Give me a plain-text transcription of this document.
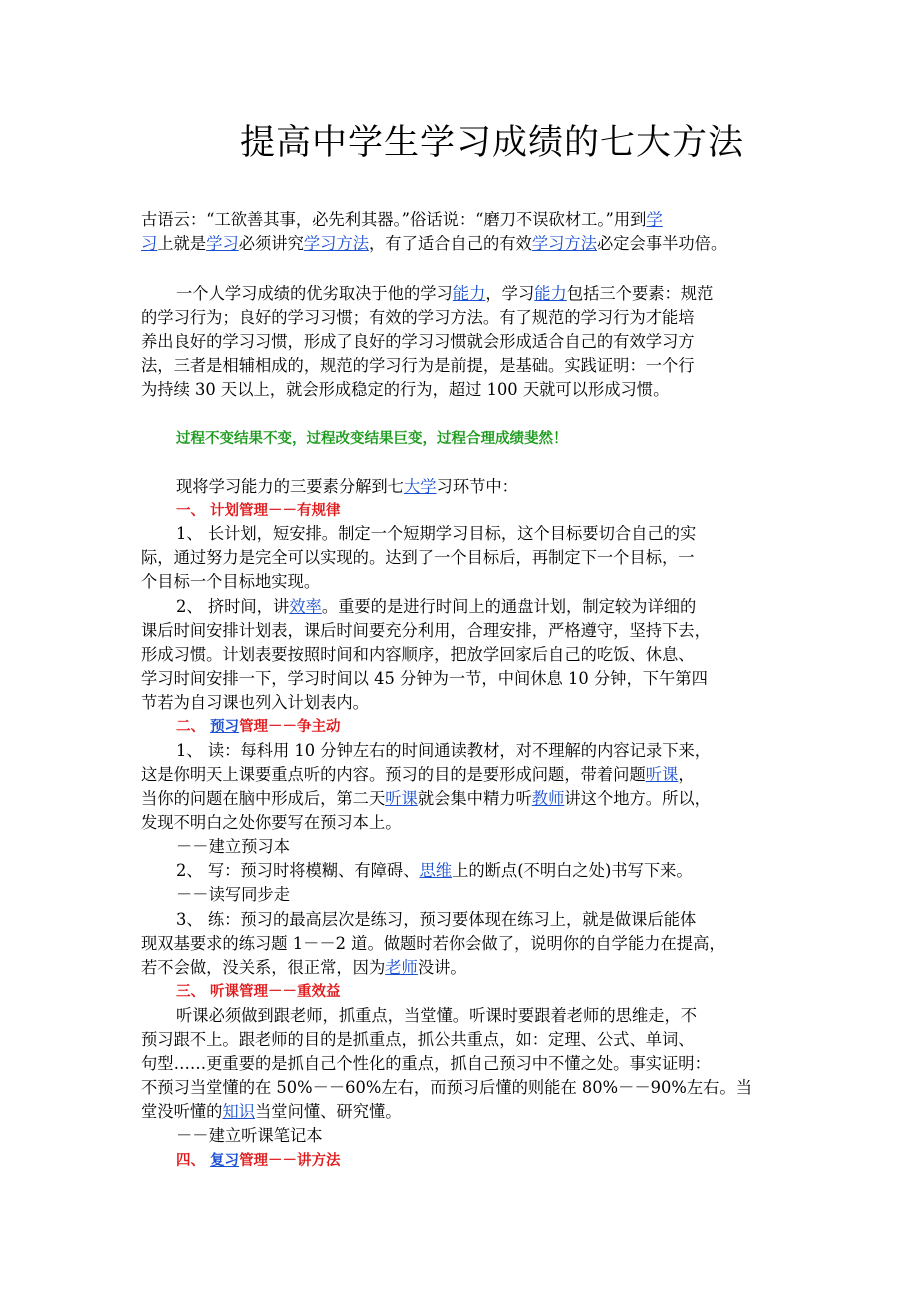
提高中学生学习成绩的七大方法
古语云：“工欲善其事，必先利其器。”俗话说：“磨刀不误砍材工。”用到学
习上就是学习必须讲究学习方法，有了适合自己的有效学习方法必定会事半功倍。
一个人学习成绩的优劣取决于他的学习能力，学习能力包括三个要素：规范
的学习行为；良好的学习习惯；有效的学习方法。有了规范的学习行为才能培
养出良好的学习习惯，形成了良好的学习习惯就会形成适合自己的有效学习方
法，三者是相辅相成的，规范的学习行为是前提，是基础。实践证明：一个行
为持续 30 天以上，就会形成稳定的行为，超过 100 天就可以形成习惯。
过程不变结果不变，过程改变结果巨变，过程合理成绩斐然！
现将学习能力的三要素分解到七大学习环节中：
一、 计划管理－－有规律
1、 长计划，短安排。制定一个短期学习目标，这个目标要切合自己的实
际，通过努力是完全可以实现的。达到了一个目标后，再制定下一个目标，一
个目标一个目标地实现。
2、 挤时间，讲效率。重要的是进行时间上的通盘计划，制定较为详细的
课后时间安排计划表，课后时间要充分利用，合理安排，严格遵守，坚持下去，
形成习惯。计划表要按照时间和内容顺序，把放学回家后自己的吃饭、休息、
学习时间安排一下，学习时间以 45 分钟为一节，中间休息 10 分钟，下午第四
节若为自习课也列入计划表内。
二、 预习管理－－争主动
1、 读：每科用 10 分钟左右的时间通读教材，对不理解的内容记录下来，
这是你明天上课要重点听的内容。预习的目的是要形成问题，带着问题听课，
当你的问题在脑中形成后，第二天听课就会集中精力听教师讲这个地方。所以，
发现不明白之处你要写在预习本上。
－－建立预习本
2、 写：预习时将模糊、有障碍、思维上的断点(不明白之处)书写下来。
－－读写同步走
3、 练：预习的最高层次是练习，预习要体现在练习上，就是做课后能体
现双基要求的练习题 1－－2 道。做题时若你会做了，说明你的自学能力在提高，
若不会做，没关系，很正常，因为老师没讲。
三、 听课管理－－重效益
听课必须做到跟老师，抓重点，当堂懂。听课时要跟着老师的思维走，不
预习跟不上。跟老师的目的是抓重点，抓公共重点，如：定理、公式、单词、
句型……更重要的是抓自己个性化的重点，抓自己预习中不懂之处。事实证明：
不预习当堂懂的在 50%－－60%左右，而预习后懂的则能在 80%－－90%左右。当
堂没听懂的知识当堂问懂、研究懂。
－－建立听课笔记本
四、 复习管理－－讲方法
